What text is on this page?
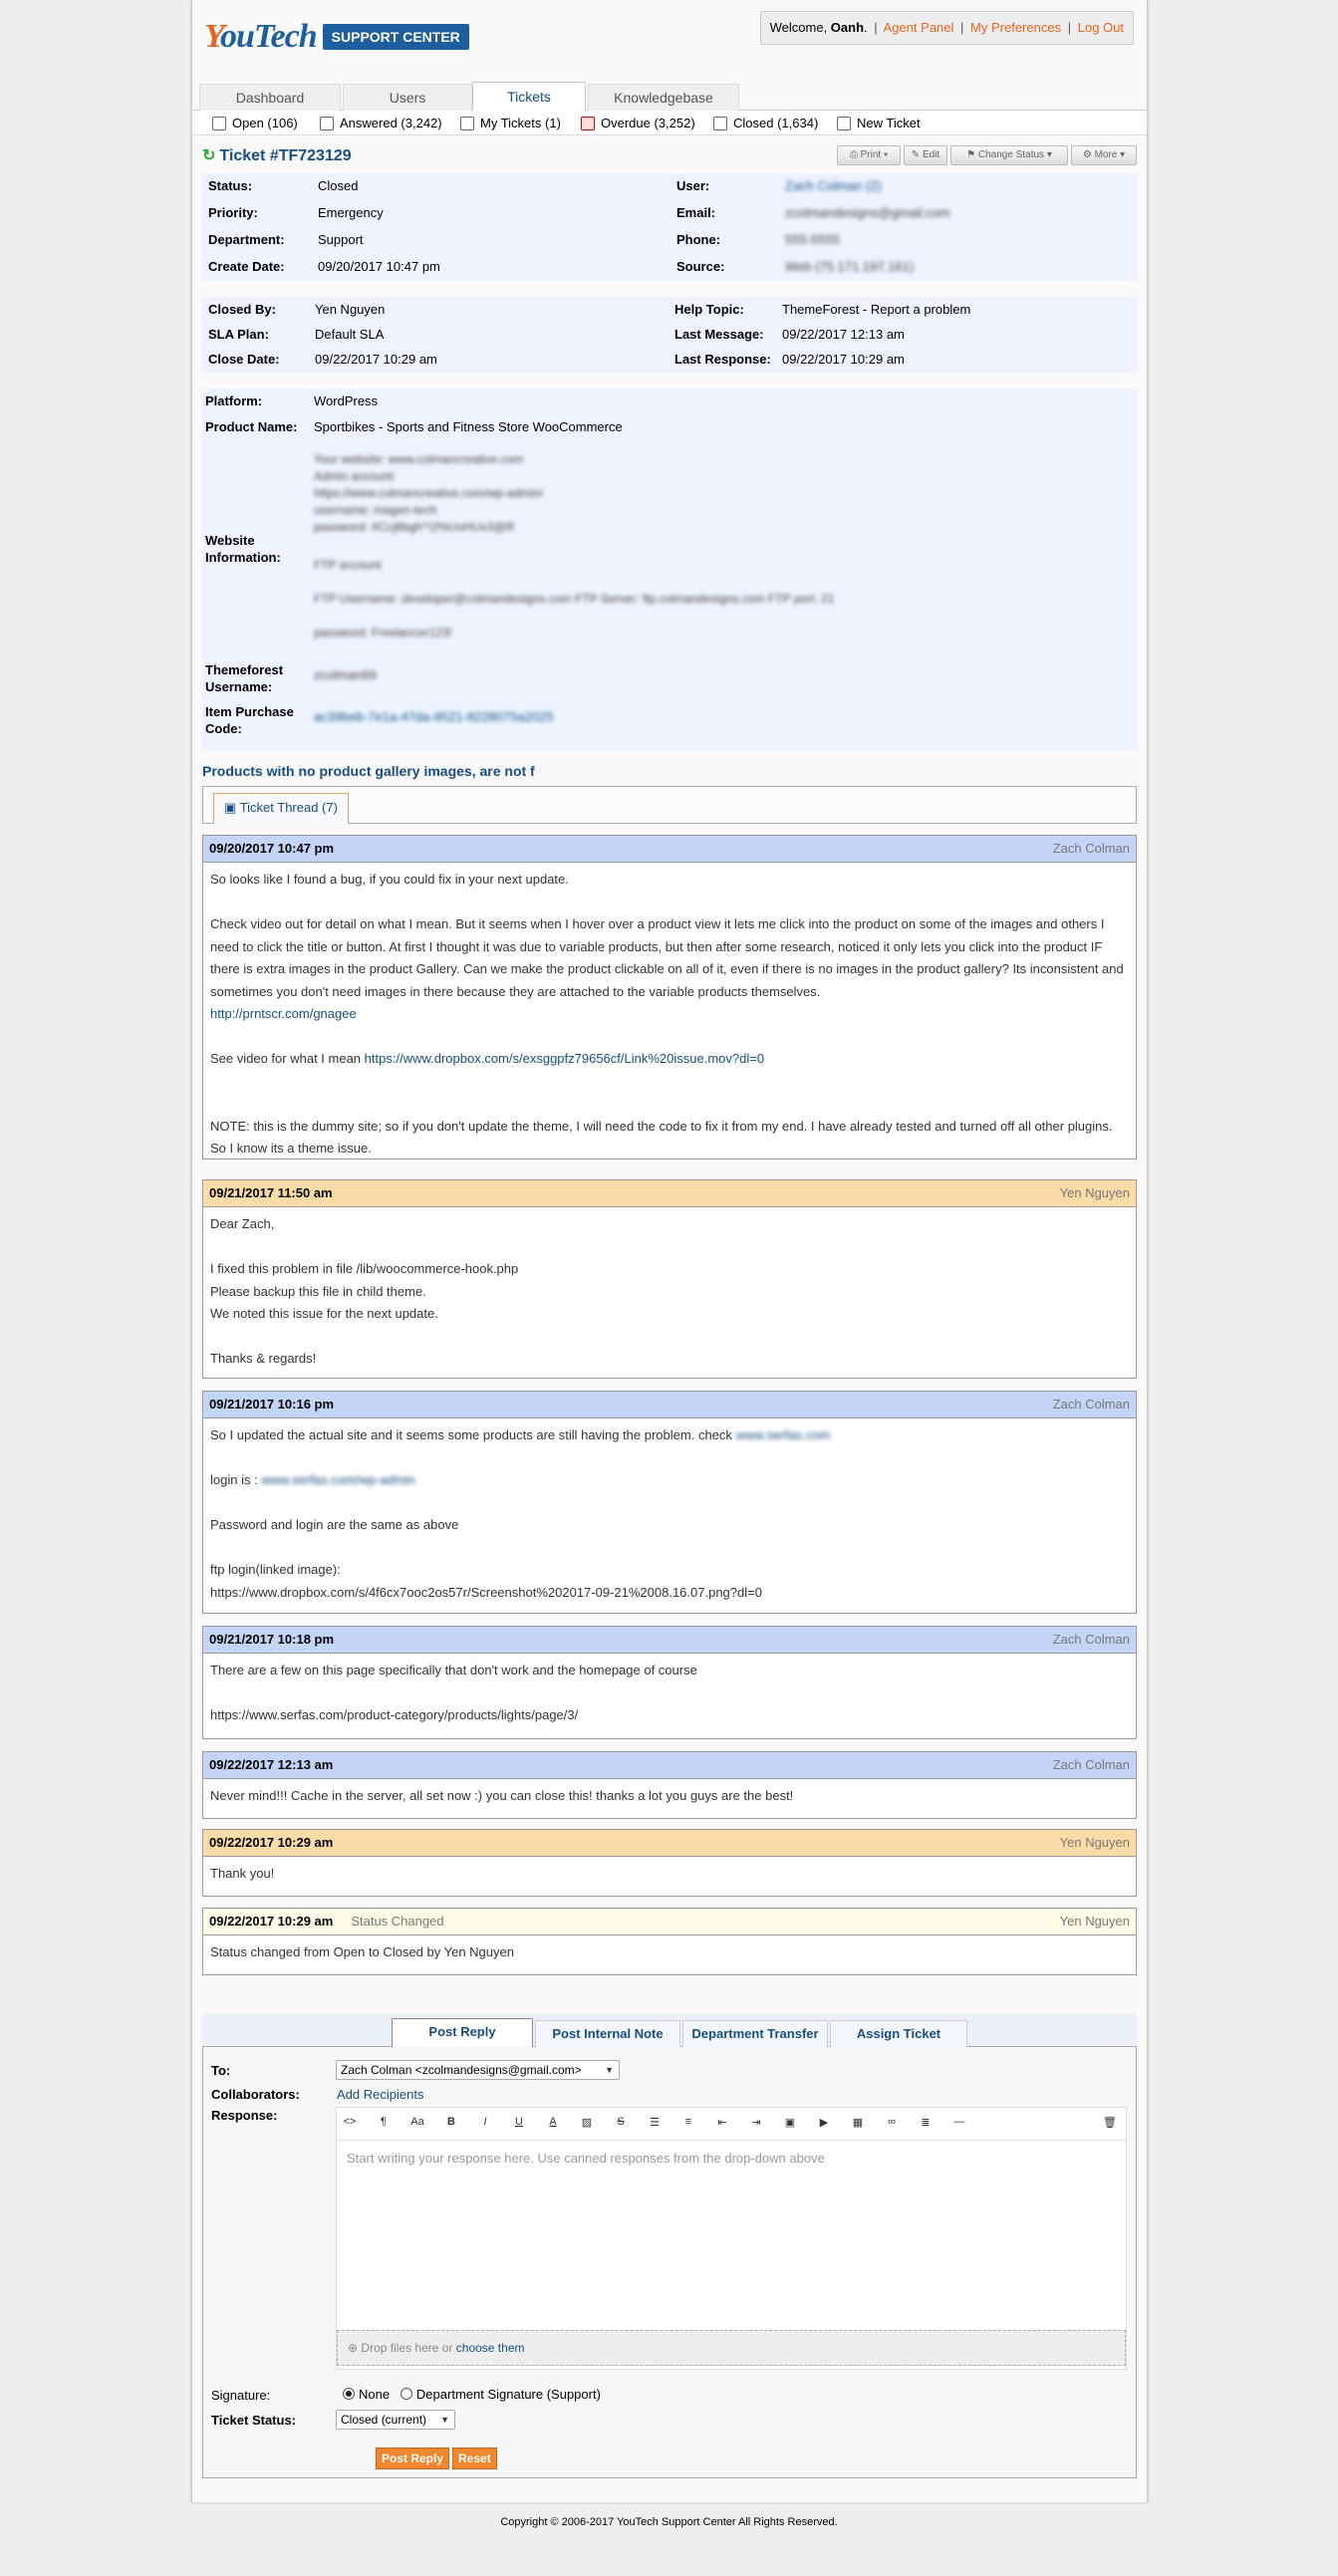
YouTech	SUPPORT CENTER
Welcome, Oanh. | Agent Panel | My Preferences | Log Out
Dashboard	Users	Tickets	Knowledgebase
Open (106)	Answered (3,242)	My Tickets (1)	Overdue (3,252)	Closed (1,634)	New Ticket
↻ Ticket #TF723129	⎙ Print ▾	✎ Edit	⚑ Change Status ▾	⚙ More ▾
Status:	Closed
Priority:	Emergency
Department:	Support
Create Date:	09/20/2017 10:47 pm
User:	Zach Colman (2)
Email:	zcolmandesigns@gmail.com
Phone:	555-5555
Source:	Web (75.171.197.161)
Closed By:	Yen Nguyen
SLA Plan:	Default SLA
Close Date:	09/22/2017 10:29 am
Help Topic:	ThemeForest - Report a problem
Last Message: 09/22/2017 12:13 am
Last Response: 09/22/2017 10:29 am
Platform:	WordPress
Product Name: Sportbikes - Sports and Fitness Store WooCommerce
Website Information:
Your website: www.colmancreative.com
Admin account:
https://www.colmancreative.com/wp-admin/
username: magen-tech
password: #Ccj8bgh^!2%UoHUx3@R
FTP account
FTP Username: developer@colmandesigns.com FTP Server: ftp.colmandesigns.com FTP port: 21
password: Freelancer123!
Themeforest Username:
zcolman69
Item Purchase Code:
ac39beb-7e1a-47da-9521-8228075a2025
Products with no product gallery images, are not f
▣ Ticket Thread (7)
09/20/2017 10:47 pm	Zach Colman

So looks like I found a bug, if you could fix in your next update.

Check video out for detail on what I mean. But it seems when I hover over a product view it lets me click into the product on some of the images and others I need to click the title or button. At first I thought it was due to variable products, but then after some research, noticed it only lets you click into the product IF there is extra images in the product Gallery. Can we make the product clickable on all of it, even if there is no images in the product gallery? Its inconsistent and sometimes you don't need images in there because they are attached to the variable products themselves.

http://prntscr.com/gnagee

See video for what I mean https://www.dropbox.com/s/exsggpfz79656cf/Link%20issue.mov?dl=0

NOTE: this is the dummy site; so if you don't update the theme, I will need the code to fix it from my end. I have already tested and turned off all other plugins. So I know its a theme issue.

09/21/2017 11:50 am	Yen Nguyen

Dear Zach,

I fixed this problem in file /lib/woocommerce-hook.php

Please backup this file in child theme.

We noted this issue for the next update.

Thanks & regards!

09/21/2017 10:16 pm	Zach Colman

So I updated the actual site and it seems some products are still having the problem. check www.serfas.com

login is : www.serfas.com/wp-admin

Password and login are the same as above

ftp login(linked image):

https://www.dropbox.com/s/4f6cx7ooc2os57r/Screenshot%202017-09-21%2008.16.07.png?dl=0

09/21/2017 10:18 pm	Zach Colman

There are a few on this page specifically that don't work and the homepage of course

https://www.serfas.com/product-category/products/lights/page/3/

09/22/2017 12:13 am	Zach Colman

Never mind!!! Cache in the server, all set now :) you can close this! thanks a lot you guys are the best!

09/22/2017 10:29 am	Yen Nguyen

Thank you!

09/22/2017 10:29 am Status Changed	Yen Nguyen

Status changed from Open to Closed by Yen Nguyen

Post Reply	Post Internal Note	Department Transfer	Assign Ticket
To:	Zach Colman <zcolmandesigns@gmail.com>	▼
Collaborators:	Add Recipients
Response:	<>	¶	Aa	B	I	U	A	▨	S	☰	≡	⇤	⇥	▣	▶	▦	∞	≣	—	🗑
Start writing your response here. Use canned responses from the drop-down above
⊕ Drop files here or choose them
Signature:	None Department Signature (Support)
Ticket Status:	Closed (current) ▼
Post Reply	Reset
Copyright © 2006-2017 YouTech Support Center All Rights Reserved.
